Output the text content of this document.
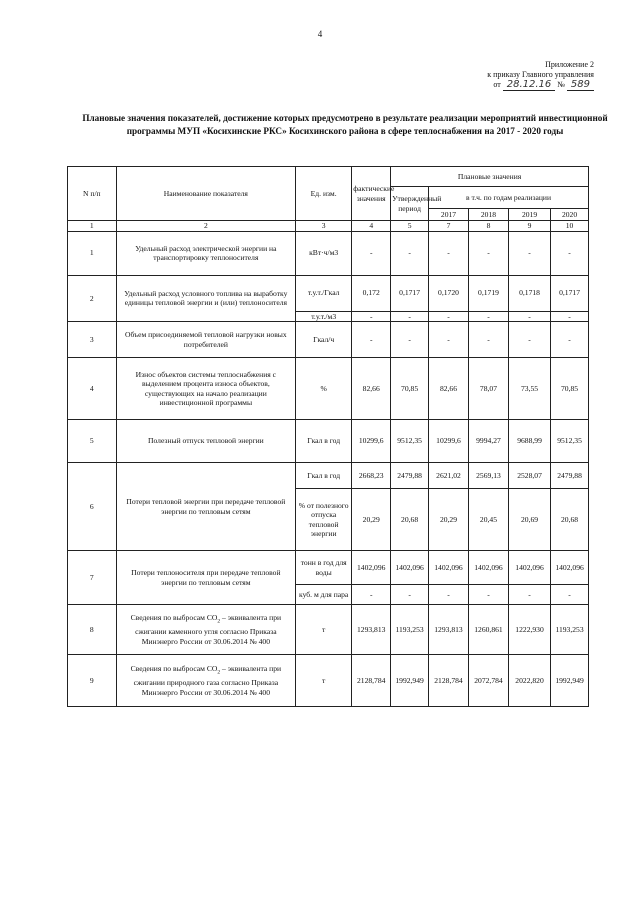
4
Приложение 2
к приказу Главного управления
от 28.12.16 № 589
Плановые значения показателей, достижение которых предусмотрено в результате реализации мероприятий инвестиционной программы МУП «Косихинские РКС» Косихинского района в сфере теплоснабжения на 2017 - 2020 годы
N п/п	Наименование показателя	Ед. изм.	фактические значения	Плановые значения				
				Утвержденный период	в т.ч. по годам реализации			
					2017	2018	2019	2020
1	2	3	4	5	7	8	9	10
1	Удельный расход электрической энергии на транспортировку теплоносителя	кВт·ч/м3	-	-	-	-	-	-
2	Удельный расход условного топлива на выработку единицы тепловой энергии и (или) теплоносителя	т.у.т./Гкал	0,172	0,1717	0,1720	0,1719	0,1718	0,1717
		т.у.т./м3	-	-	-	-	-	-
3	Объем присоединяемой тепловой нагрузки новых потребителей	Гкал/ч	-	-	-	-	-	-
4	Износ объектов системы теплоснабжения с выделением процента износа объектов, существующих на начало реализации инвестиционной программы	%	82,66	70,85	82,66	78,07	73,55	70,85
5	Полезный отпуск тепловой энергии	Гкал в год	10299,6	9512,35	10299,6	9994,27	9688,99	9512,35
6	Потери тепловой энергии при передаче тепловой энергии по тепловым сетям	Гкал в год	2668,23	2479,88	2621,02	2569,13	2528,07	2479,88
		% от полезного отпуска тепловой энергии	20,29	20,68	20,29	20,45	20,69	20,68
7	Потери теплоносителя при передаче тепловой энергии по тепловым сетям	тонн в год для воды	1402,096	1402,096	1402,096	1402,096	1402,096	1402,096
		куб. м для пара	-	-	-	-	-	-
8	Сведения по выбросам $CO_2$ – эквивалента при сжигании каменного угля согласно Приказа Минэнерго России от 30.06.2014 № 400	т	1293,813	1193,253	1293,813	1260,861	1222,930	1193,253
9	Сведения по выбросам $CO_2$ – эквивалента при сжигании природного газа согласно Приказа Минэнерго России от 30.06.2014 № 400	т	2128,784	1992,949	2128,784	2072,784	2022,820	1992,949
